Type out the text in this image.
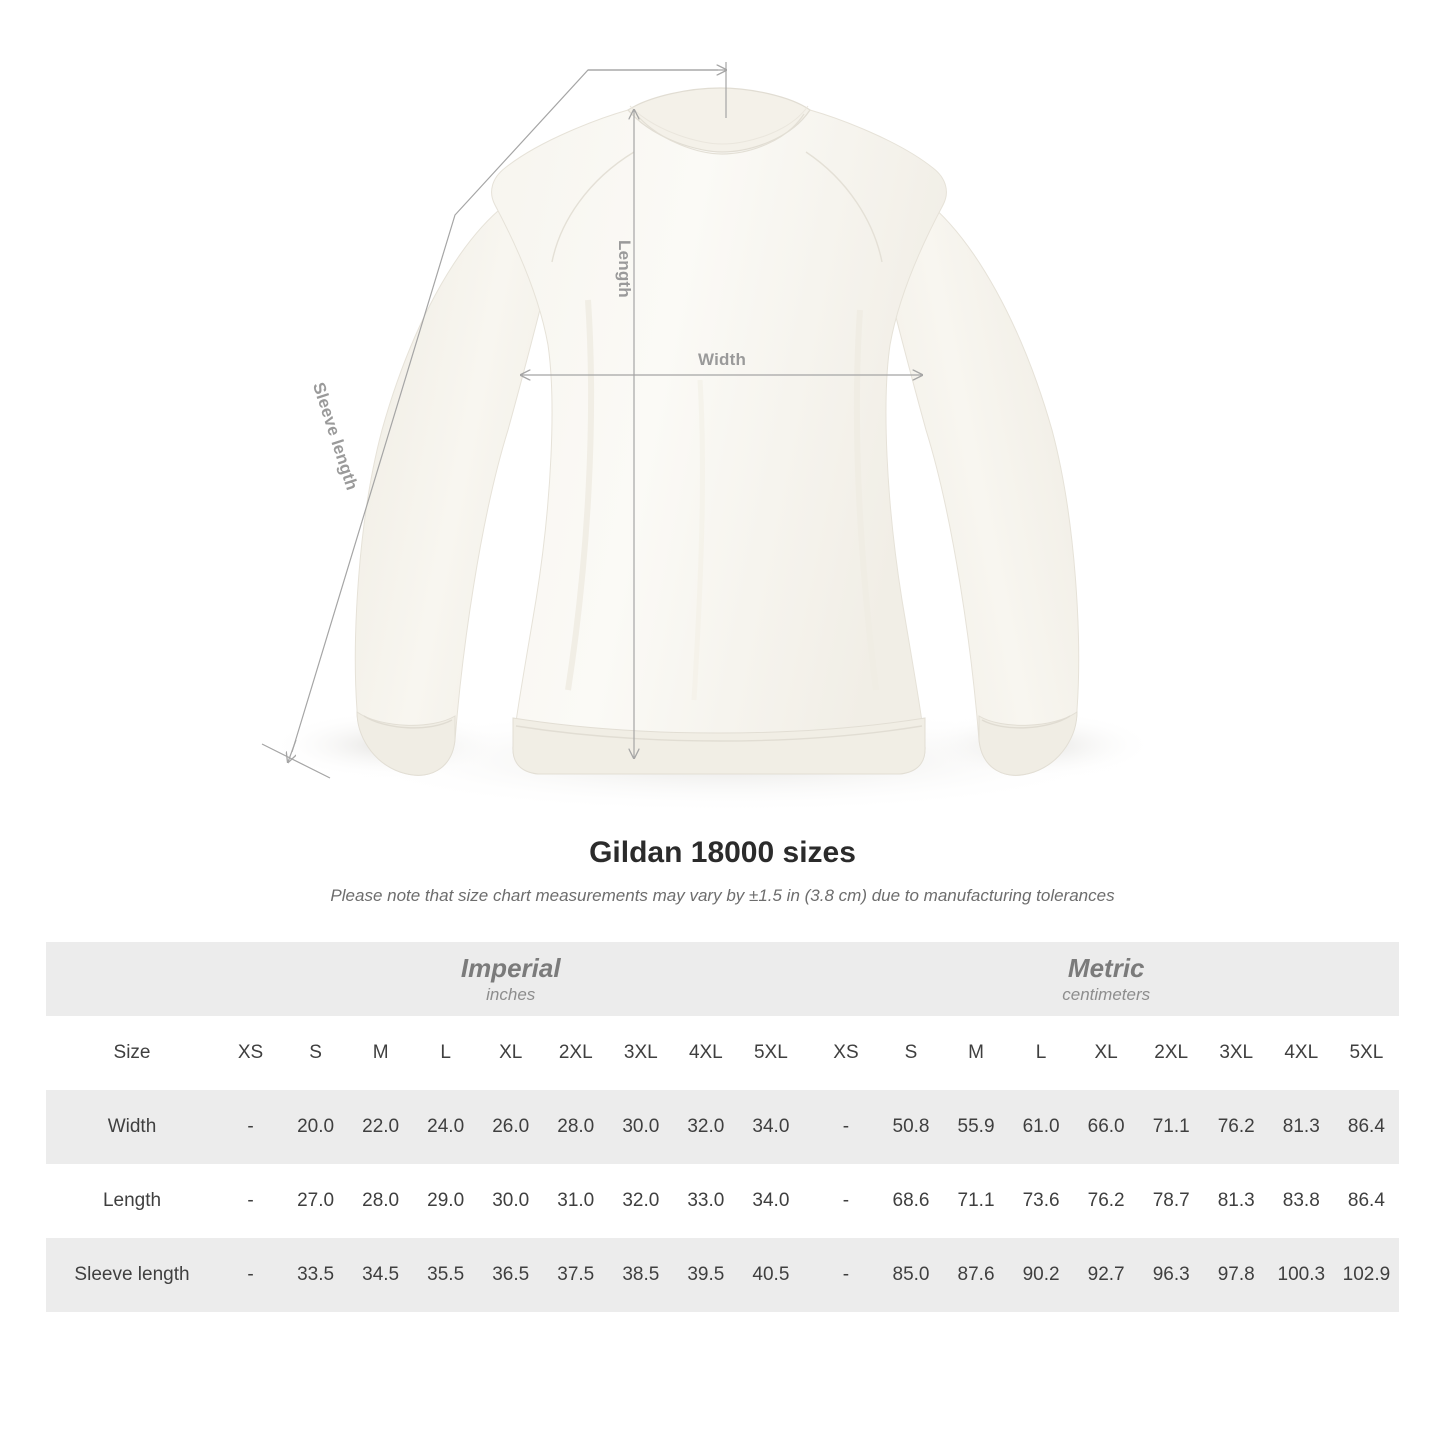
Length
Width
Sleeve length
Gildan 18000 sizes

Please note that size chart measurements may vary by ±1.5 in (3.8 cm) due to manufacturing tolerances

Imperial
inches

Metric
centimeters

Size	XS	S	M	L	XL	2XL	3XL	4XL	5XL		XS	S	M	L	XL	2XL	3XL	4XL	5XL
Width	-	20.0	22.0	24.0	26.0	28.0	30.0	32.0	34.0		-	50.8	55.9	61.0	66.0	71.1	76.2	81.3	86.4
Length	-	27.0	28.0	29.0	30.0	31.0	32.0	33.0	34.0		-	68.6	71.1	73.6	76.2	78.7	81.3	83.8	86.4
Sleeve length	-	33.5	34.5	35.5	36.5	37.5	38.5	39.5	40.5		-	85.0	87.6	90.2	92.7	96.3	97.8	100.3	102.9
